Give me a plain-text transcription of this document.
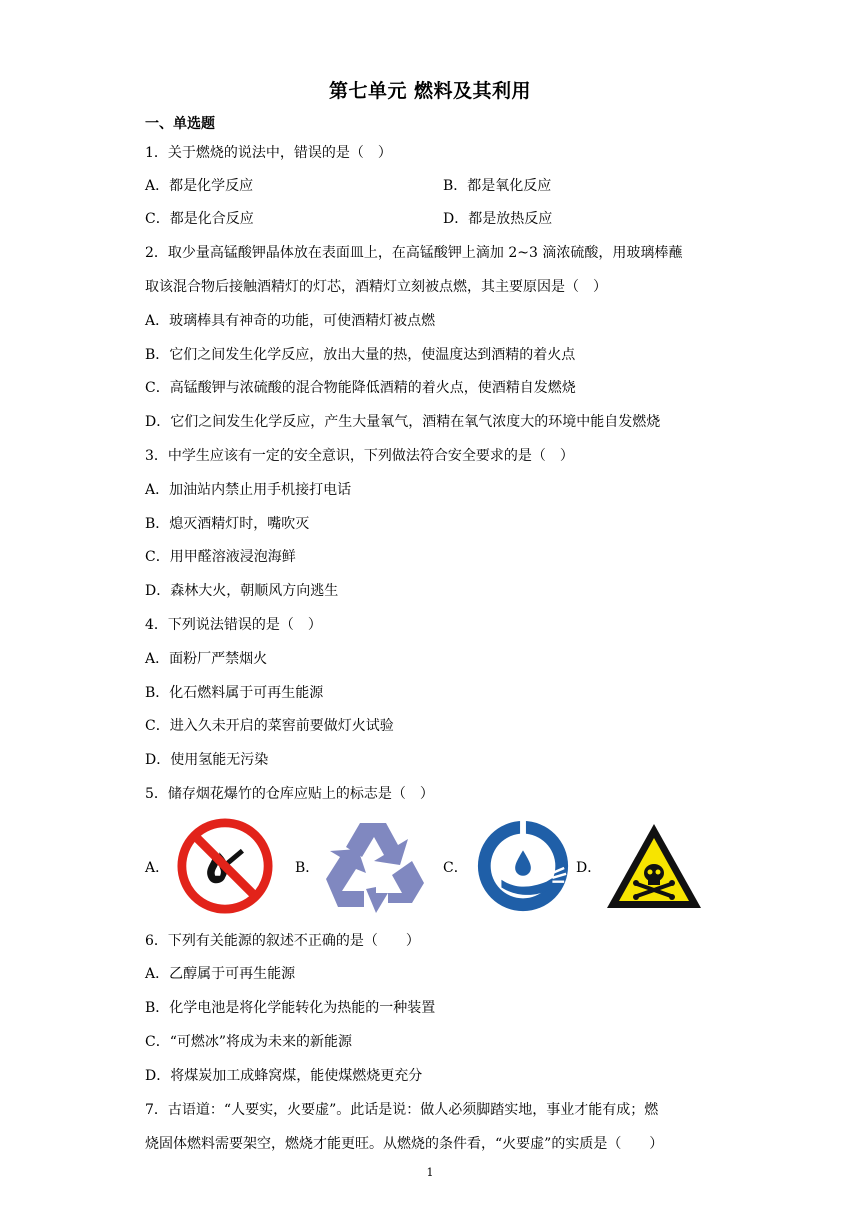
第七单元 燃料及其利用
一、单选题
1．关于燃烧的说法中，错误的是（　）
A．都是化学反应	B．都是氧化反应
C．都是化合反应	D．都是放热反应
2．取少量高锰酸钾晶体放在表面皿上，在高锰酸钾上滴加 2~3 滴浓硫酸，用玻璃棒蘸
取该混合物后接触酒精灯的灯芯，酒精灯立刻被点燃，其主要原因是（　）
A．玻璃棒具有神奇的功能，可使酒精灯被点燃
B．它们之间发生化学反应，放出大量的热，使温度达到酒精的着火点
C．高锰酸钾与浓硫酸的混合物能降低酒精的着火点，使酒精自发燃烧
D．它们之间发生化学反应，产生大量氧气，酒精在氧气浓度大的环境中能自发燃烧
3．中学生应该有一定的安全意识，下列做法符合安全要求的是（　）
A．加油站内禁止用手机接打电话
B．熄灭酒精灯时，嘴吹灭
C．用甲醛溶液浸泡海鲜
D．森林大火，朝顺风方向逃生
4．下列说法错误的是（　）
A．面粉厂严禁烟火
B．化石燃料属于可再生能源
C．进入久未开启的菜窖前要做灯火试验
D．使用氢能无污染
5．储存烟花爆竹的仓库应贴上的标志是（　）
A．	B．	C．	D．
6．下列有关能源的叙述不正确的是（　　）
A．乙醇属于可再生能源
B．化学电池是将化学能转化为热能的一种装置
C．“可燃冰”将成为未来的新能源
D．将煤炭加工成蜂窝煤，能使煤燃烧更充分
7．古语道：“人要实，火要虚”。此话是说：做人必须脚踏实地，事业才能有成；燃
烧固体燃料需要架空，燃烧才能更旺。从燃烧的条件看，“火要虚”的实质是（　　）
1
